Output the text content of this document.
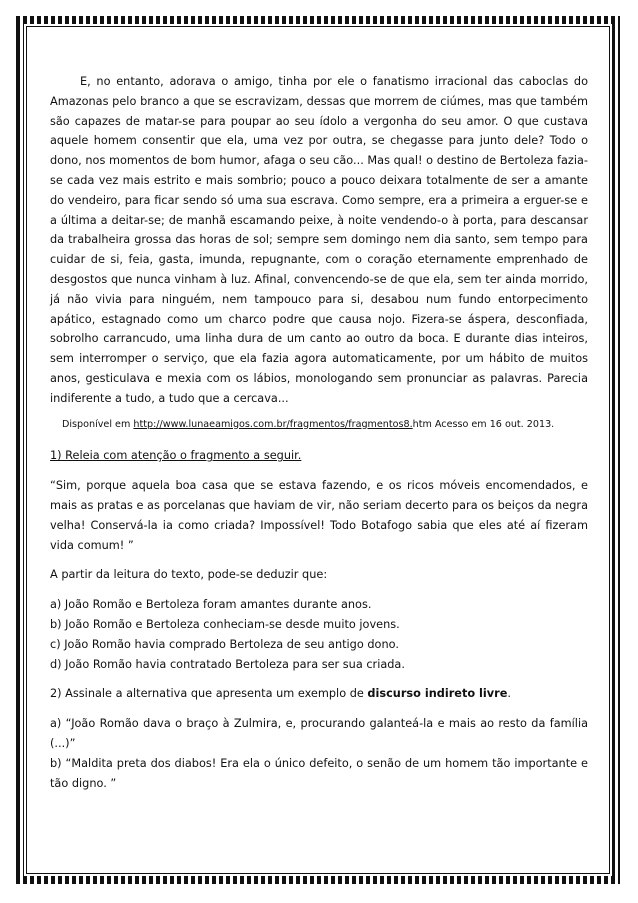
E, no entanto, adorava o amigo, tinha por ele o fanatismo irracional das caboclas do Amazonas pelo branco a que se escravizam, dessas que morrem de ciúmes, mas que também são capazes de matar-se para poupar ao seu ídolo a vergonha do seu amor. O que custava aquele homem consentir que ela, uma vez por outra, se chegasse para junto dele? Todo o dono, nos momentos de bom humor, afaga o seu cão... Mas qual! o destino de Bertoleza fazia-se cada vez mais estrito e mais sombrio; pouco a pouco deixara totalmente de ser a amante do vendeiro, para ficar sendo só uma sua escrava. Como sempre, era a primeira a erguer-se e a última a deitar-se; de manhã escamando peixe, à noite vendendo-o à porta, para descansar da trabalheira grossa das horas de sol; sempre sem domingo nem dia santo, sem tempo para cuidar de si, feia, gasta, imunda, repugnante, com o coração eternamente emprenhado de desgostos que nunca vinham à luz. Afinal, convencendo-se de que ela, sem ter ainda morrido, já não vivia para ninguém, nem tampouco para si, desabou num fundo entorpecimento apático, estagnado como um charco podre que causa nojo. Fizera-se áspera, desconfiada, sobrolho carrancudo, uma linha dura de um canto ao outro da boca. E durante dias inteiros, sem interromper o serviço, que ela fazia agora automaticamente, por um hábito de muitos anos, gesticulava e mexia com os lábios, monologando sem pronunciar as palavras. Parecia indiferente a tudo, a tudo que a cercava...

Disponível em http://www.lunaeamigos.com.br/fragmentos/fragmentos8.htm Acesso em 16 out. 2013.

1) Releia com atenção o fragmento a seguir.

“Sim, porque aquela boa casa que se estava fazendo, e os ricos móveis encomendados, e mais as pratas e as porcelanas que haviam de vir, não seriam decerto para os beiços da negra velha! Conservá-la ia como criada? Impossível! Todo Botafogo sabia que eles até aí fizeram vida comum! ”

A partir da leitura do texto, pode-se deduzir que:

a) João Romão e Bertoleza foram amantes durante anos.

b) João Romão e Bertoleza conheciam-se desde muito jovens.

c) João Romão havia comprado Bertoleza de seu antigo dono.

d) João Romão havia contratado Bertoleza para ser sua criada.

2) Assinale a alternativa que apresenta um exemplo de discurso indireto livre.

a) “João Romão dava o braço à Zulmira, e, procurando galanteá-la e mais ao resto da família (...)”

b) “Maldita preta dos diabos! Era ela o único defeito, o senão de um homem tão importante e tão digno. ”
